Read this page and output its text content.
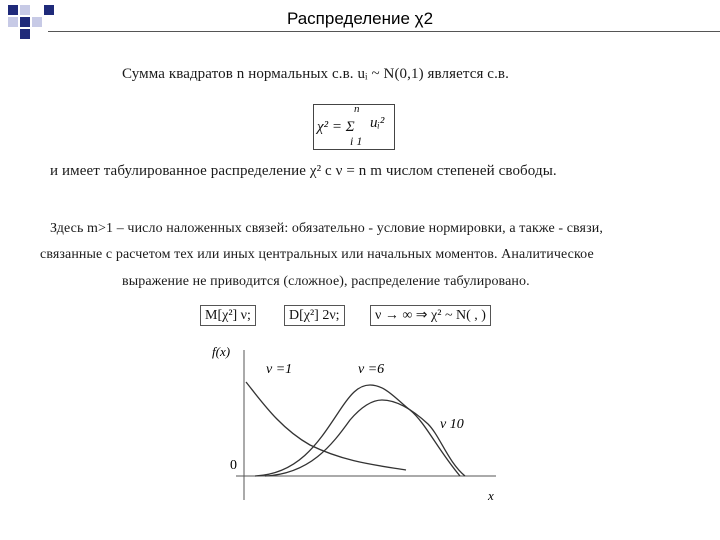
Распределение χ2
Сумма квадратов n нормальных с.в. uᵢ ~ N(0,1) является с.в.
χ² = Σ
n
i 1
uᵢ²
и имеет табулированное распределение χ² с ν = n m числом степеней свободы.
Здесь m>1 – число наложенных связей: обязательно - условие нормировки, а также - связи,
связанные с расчетом тех или иных центральных или начальных моментов. Аналитическое
выражение не приводится (сложное), распределение табулировано.
M[χ²] ν;	D[χ²] 2ν;	ν → ∞ ⇒ χ² ~ N( , )
f(x)
x
0
ν =1	ν =6
ν 10
